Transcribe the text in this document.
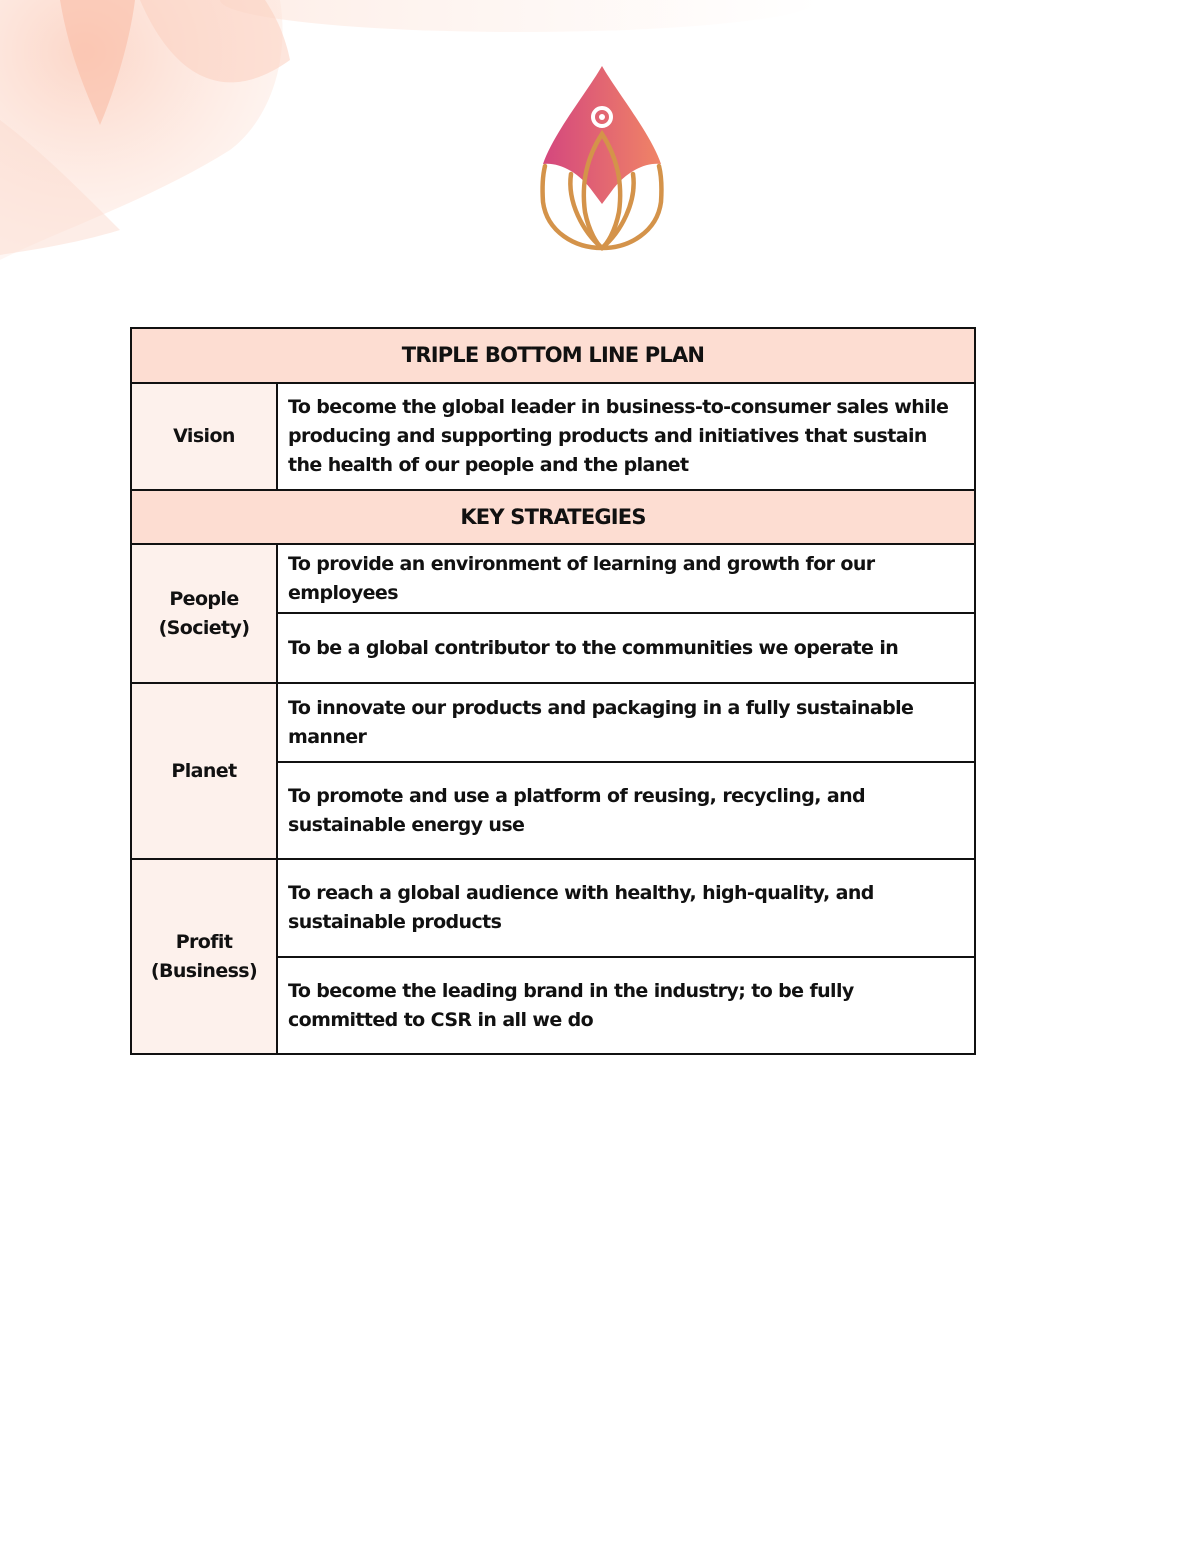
TRIPLE BOTTOM LINE PLAN	
Vision	To become the global leader in business-to-consumer sales while producing and supporting products and initiatives that sustain the health of our people and the planet
KEY STRATEGIES	

People
(Society)	To provide an environment of learning and growth for our employees
	To be a global contributor to the communities we operate in
Planet	To innovate our products and packaging in a fully sustainable manner
	To promote and use a platform of reusing, recycling, and sustainable energy use

Profit
(Business)	To reach a global audience with healthy, high-quality, and sustainable products
	To become the leading brand in the industry; to be fully committed to CSR in all we do
